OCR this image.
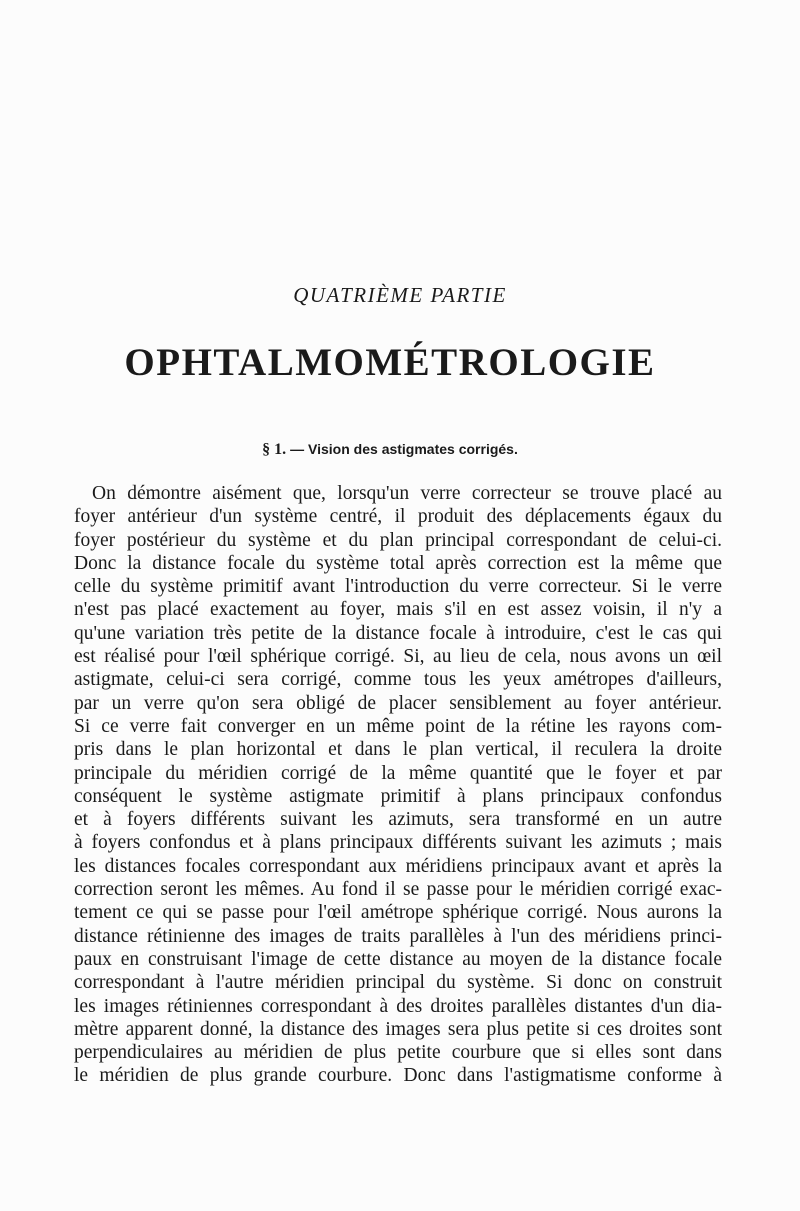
QUATRIÈME PARTIE
OPHTALMOMÉTROLOGIE
§ 1. — Vision des astigmates corrigés.
On démontre aisément que, lorsqu'un verre correcteur se trouve placé au
foyer antérieur d'un système centré, il produit des déplacements égaux du
foyer postérieur du système et du plan principal correspondant de celui-ci.
Donc la distance focale du système total après correction est la même que
celle du système primitif avant l'introduction du verre correcteur. Si le verre
n'est pas placé exactement au foyer, mais s'il en est assez voisin, il n'y a
qu'une variation très petite de la distance focale à introduire, c'est le cas qui
est réalisé pour l'œil sphérique corrigé. Si, au lieu de cela, nous avons un œil
astigmate, celui-ci sera corrigé, comme tous les yeux amétropes d'ailleurs,
par un verre qu'on sera obligé de placer sensiblement au foyer antérieur.
Si ce verre fait converger en un même point de la rétine les rayons com-
pris dans le plan horizontal et dans le plan vertical, il reculera la droite
principale du méridien corrigé de la même quantité que le foyer et par
conséquent le système astigmate primitif à plans principaux confondus
et à foyers différents suivant les azimuts, sera transformé en un autre
à foyers confondus et à plans principaux différents suivant les azimuts ; mais
les distances focales correspondant aux méridiens principaux avant et après la
correction seront les mêmes. Au fond il se passe pour le méridien corrigé exac-
tement ce qui se passe pour l'œil amétrope sphérique corrigé. Nous aurons la
distance rétinienne des images de traits parallèles à l'un des méridiens princi-
paux en construisant l'image de cette distance au moyen de la distance focale
correspondant à l'autre méridien principal du système. Si donc on construit
les images rétiniennes correspondant à des droites parallèles distantes d'un dia-
mètre apparent donné, la distance des images sera plus petite si ces droites sont
perpendiculaires au méridien de plus petite courbure que si elles sont dans
le méridien de plus grande courbure. Donc dans l'astigmatisme conforme à
